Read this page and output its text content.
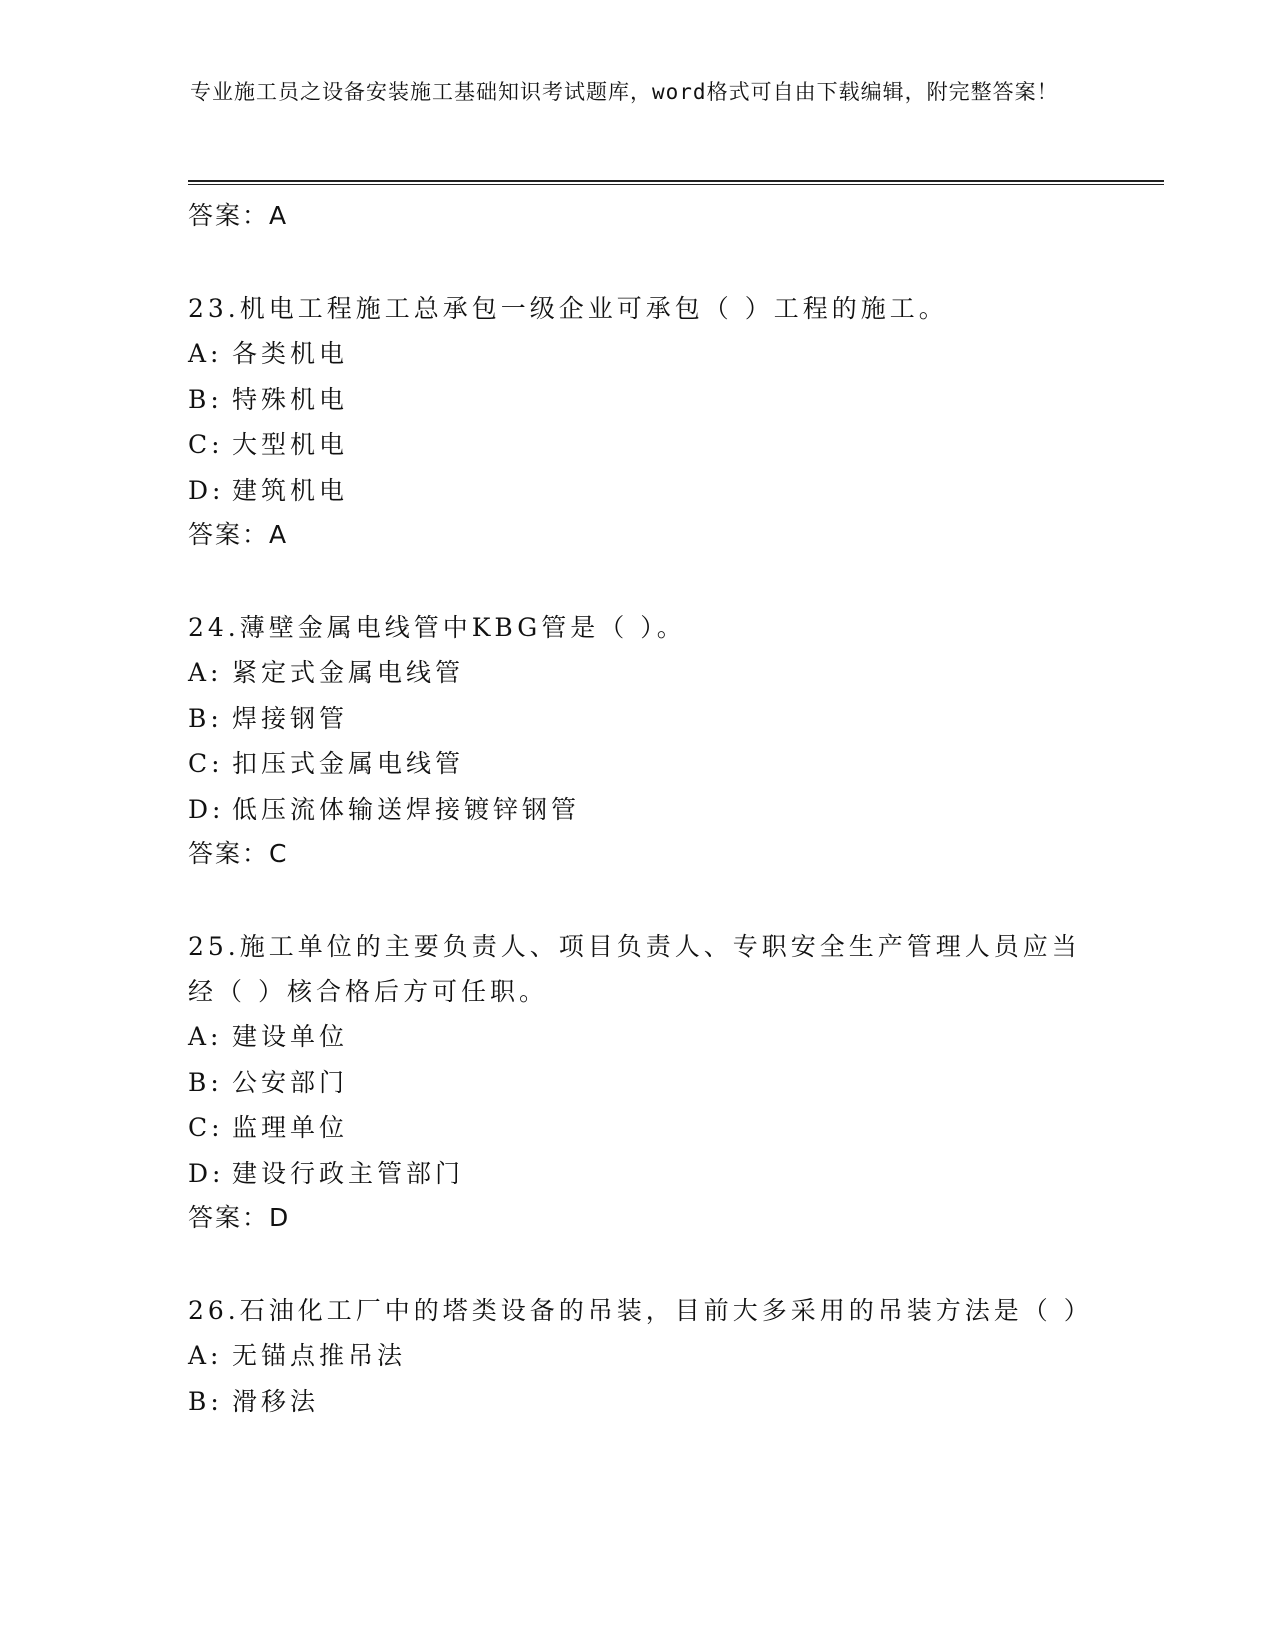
专业施工员之设备安装施工基础知识考试题库，word格式可自由下载编辑，附完整答案！
答案：A
23.机电工程施工总承包一级企业可承包（ ）工程的施工。
A: 各类机电
B: 特殊机电
C: 大型机电
D: 建筑机电
答案：A
24.薄壁金属电线管中KBG管是（ ）。
A: 紧定式金属电线管
B: 焊接钢管
C: 扣压式金属电线管
D: 低压流体输送焊接镀锌钢管
答案：C
25.施工单位的主要负责人、项目负责人、专职安全生产管理人员应当经（ ）核合格后方可任职。
A: 建设单位
B: 公安部门
C: 监理单位
D: 建设行政主管部门
答案：D
26.石油化工厂中的塔类设备的吊装，目前大多采用的吊装方法是（ ）
A: 无锚点推吊法
B: 滑移法
